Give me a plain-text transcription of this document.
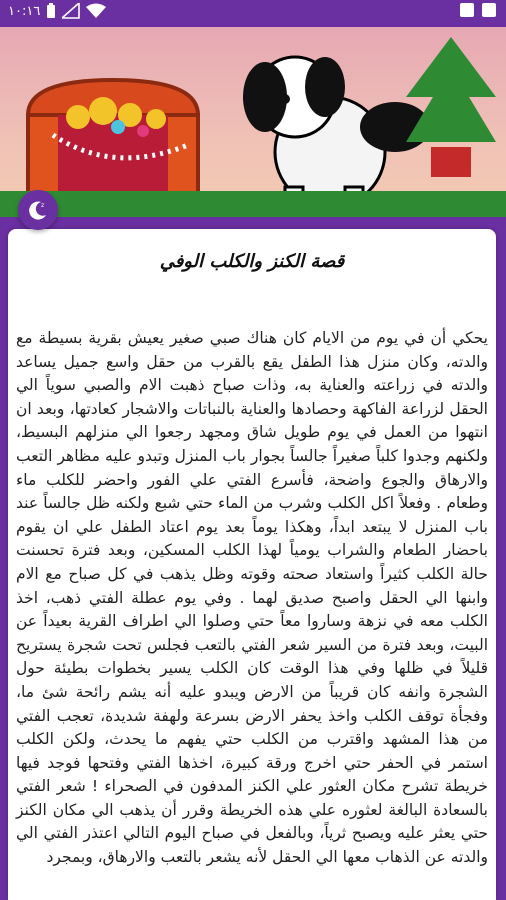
١٠:١٦
قصة الكنز والكلب الوفي
يحكي أن في يوم من الايام كان هناك صبي صغير يعيش بقرية بسيطة مع والدته، وكان منزل هذا الطفل يقع بالقرب من حقل واسع جميل يساعد والدته في زراعته والعناية به، وذات صباح ذهبت الام والصبي سوياً الي الحقل لزراعة الفاكهة وحصادها والعناية بالنباتات والاشجار كعادتها، وبعد ان انتهوا من العمل في يوم طويل شاق ومجهد رجعوا الي منزلهم البسيط، ولكنهم وجدوا كلباً صغيراً جالساً بجوار باب المنزل وتبدو عليه مظاهر التعب والارهاق والجوع واضحة، فأسرع الفتي علي الفور واحضر للكلب ماء وطعام . وفعلاً اكل الكلب وشرب من الماء حتي شبع ولكنه ظل جالساً عند باب المنزل لا يبتعد ابداً، وهكذا يوماً بعد يوم اعتاد الطفل علي ان يقوم باحضار الطعام والشراب يومياً لهذا الكلب المسكين، وبعد فترة تحسنت حالة الكلب كثيراً واستعاد صحته وقوته وظل يذهب في كل صباح مع الام وابنها الي الحقل واصبح صديق لهما . وفي يوم عطلة الفتي ذهب، اخذ الكلب معه في نزهة وساروا معاً حتي وصلوا الي اطراف القرية بعيداً عن البيت، وبعد فترة من السير شعر الفتي بالتعب فجلس تحت شجرة يستريح قليلاً في ظلها وفي هذا الوقت كان الكلب يسير بخطوات بطيئة حول الشجرة وانفه كان قريباً من الارض ويبدو عليه أنه يشم رائحة شئ ما، وفجأة توقف الكلب واخذ يحفر الارض بسرعة ولهفة شديدة، تعجب الفتي من هذا المشهد واقترب من الكلب حتي يفهم ما يحدث، ولكن الكلب استمر في الحفر حتي اخرج ورقة كبيرة، اخذها الفتي وفتحها فوجد فيها خريطة تشرح مكان العثور علي الكنز المدفون في الصحراء ! شعر الفتي بالسعادة البالغة لعثوره علي هذه الخريطة وقرر أن يذهب الي مكان الكنز حتي يعثر عليه ويصبح ثرياً، وبالفعل في صباح اليوم التالي اعتذر الفتي الي والدته عن الذهاب معها الي الحقل لأنه يشعر بالتعب والارهاق، وبمجرد
z
